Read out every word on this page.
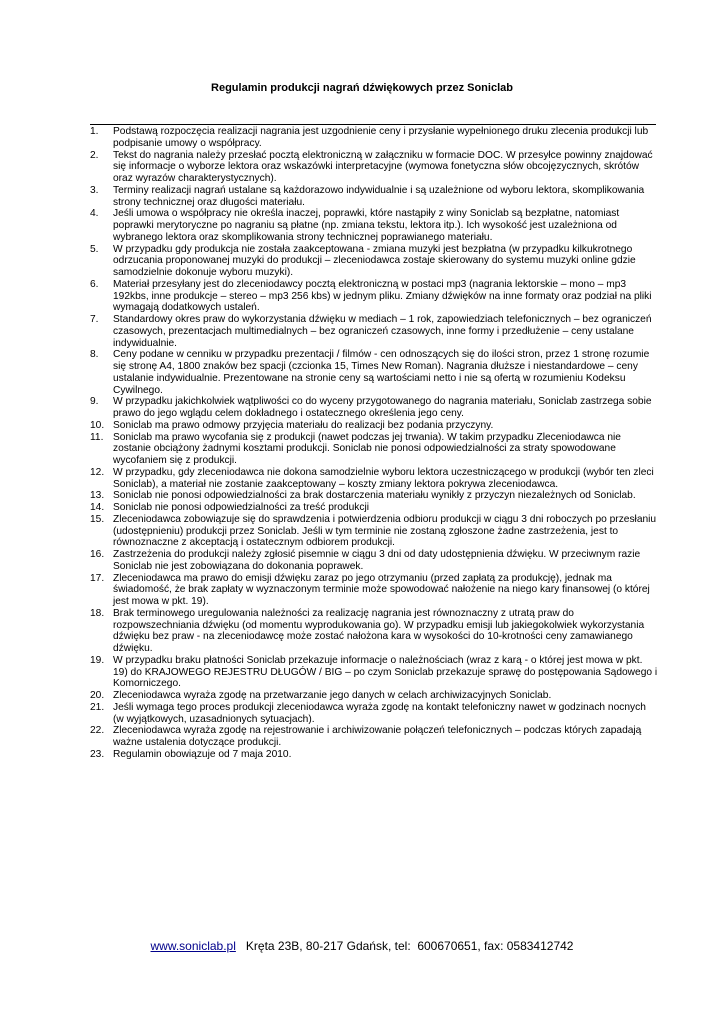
Regulamin produkcji nagrań dźwiękowych przez Soniclab
1. Podstawą rozpoczęcia realizacji nagrania jest uzgodnienie ceny i przysłanie wypełnionego druku zlecenia produkcji lub podpisanie umowy o współpracy.
2. Tekst do nagrania należy przesłać pocztą elektroniczną w załączniku w formacie DOC. W przesyłce powinny znajdować się informacje o wyborze lektora oraz wskazówki interpretacyjne (wymowa fonetyczna słów obcojęzycznych, skrótów oraz wyrazów charakterystycznych).
3. Terminy realizacji nagrań ustalane są każdorazowo indywidualnie i są uzależnione od wyboru lektora, skomplikowania strony technicznej oraz długości materiału.
4. Jeśli umowa o współpracy nie określa inaczej, poprawki, które nastąpiły z winy Soniclab są bezpłatne, natomiast poprawki merytoryczne po nagraniu są płatne (np. zmiana tekstu, lektora itp.). Ich wysokość jest uzależniona od wybranego lektora oraz skomplikowania strony technicznej poprawianego materiału.
5. W przypadku gdy produkcja nie została zaakceptowana - zmiana muzyki jest bezpłatna (w przypadku kilkukrotnego odrzucania proponowanej muzyki do produkcji – zleceniodawca zostaje skierowany do systemu muzyki online gdzie samodzielnie dokonuje wyboru muzyki).
6. Materiał przesyłany jest do zleceniodawcy pocztą elektroniczną w postaci mp3 (nagrania lektorskie – mono – mp3 192kbs, inne produkcje – stereo – mp3 256 kbs) w jednym pliku. Zmiany dźwięków na inne formaty oraz podział na pliki wymagają dodatkowych ustaleń.
7. Standardowy okres praw do wykorzystania dźwięku w mediach – 1 rok, zapowiedziach telefonicznych – bez ograniczeń czasowych, prezentacjach multimedialnych – bez ograniczeń czasowych, inne formy i przedłużenie – ceny ustalane indywidualnie.
8. Ceny podane w cenniku w przypadku prezentacji / filmów - cen odnoszących się do ilości stron, przez 1 stronę rozumie się stronę A4, 1800 znaków bez spacji (czcionka 15, Times New Roman). Nagrania dłuższe i niestandardowe – ceny ustalanie indywidualnie. Prezentowane na stronie ceny są wartościami netto i nie są ofertą w rozumieniu Kodeksu Cywilnego.
9. W przypadku jakichkolwiek wątpliwości co do wyceny przygotowanego do nagrania materiału, Soniclab zastrzega sobie prawo do jego wglądu celem dokładnego i ostatecznego określenia jego ceny.
10. Soniclab ma prawo odmowy przyjęcia materiału do realizacji bez podania przyczyny.
11. Soniclab ma prawo wycofania się z produkcji (nawet podczas jej trwania). W takim przypadku Zleceniodawca nie zostanie obciążony żadnymi kosztami produkcji. Soniclab nie ponosi odpowiedzialności za straty spowodowane wycofaniem się z produkcji.
12. W przypadku, gdy zleceniodawca nie dokona samodzielnie wyboru lektora uczestniczącego w produkcji (wybór ten zleci Soniclab), a materiał nie zostanie zaakceptowany – koszty zmiany lektora pokrywa zleceniodawca.
13. Soniclab nie ponosi odpowiedzialności za brak dostarczenia materiału wynikły z przyczyn niezależnych od Soniclab.
14. Soniclab nie ponosi odpowiedzialności za treść produkcji
15. Zleceniodawca zobowiązuje się do sprawdzenia i potwierdzenia odbioru produkcji w ciągu 3 dni roboczych po przesłaniu (udostępnieniu) produkcji przez Soniclab. Jeśli w tym terminie nie zostaną zgłoszone żadne zastrzeżenia, jest to równoznaczne z akceptacją i ostatecznym odbiorem produkcji.
16. Zastrzeżenia do produkcji należy zgłosić pisemnie w ciągu 3 dni od daty udostępnienia dźwięku. W przeciwnym razie Soniclab nie jest zobowiązana do dokonania poprawek.
17. Zleceniodawca ma prawo do emisji dźwięku zaraz po jego otrzymaniu (przed zapłatą za produkcję), jednak ma świadomość, że brak zapłaty w wyznaczonym terminie może spowodować nałożenie na niego kary finansowej (o której jest mowa w pkt. 19).
18. Brak terminowego uregulowania należności za realizację nagrania jest równoznaczny z utratą praw do rozpowszechniania dźwięku (od momentu wyprodukowania go). W przypadku emisji lub jakiegokolwiek wykorzystania dźwięku bez praw - na zleceniodawcę może zostać nałożona kara w wysokości do 10-krotności ceny zamawianego dźwięku.
19. W przypadku braku płatności Soniclab przekazuje informacje o należnościach (wraz z karą - o której jest mowa w pkt. 19) do KRAJOWEGO REJESTRU DŁUGÓW / BIG – po czym Soniclab przekazuje sprawę do postępowania Sądowego i Komorniczego.
20. Zleceniodawca wyraża zgodę na przetwarzanie jego danych w celach archiwizacyjnych Soniclab.
21. Jeśli wymaga tego proces produkcji zleceniodawca wyraża zgodę na kontakt telefoniczny nawet w godzinach nocnych (w wyjątkowych, uzasadnionych sytuacjach).
22. Zleceniodawca wyraża zgodę na rejestrowanie i archiwizowanie połączeń telefonicznych – podczas których zapadają ważne ustalenia dotyczące produkcji.
23. Regulamin obowiązuje od 7 maja 2010.
www.soniclab.pl   Kręta 23B, 80-217 Gdańsk, tel:  600670651, fax: 0583412742
